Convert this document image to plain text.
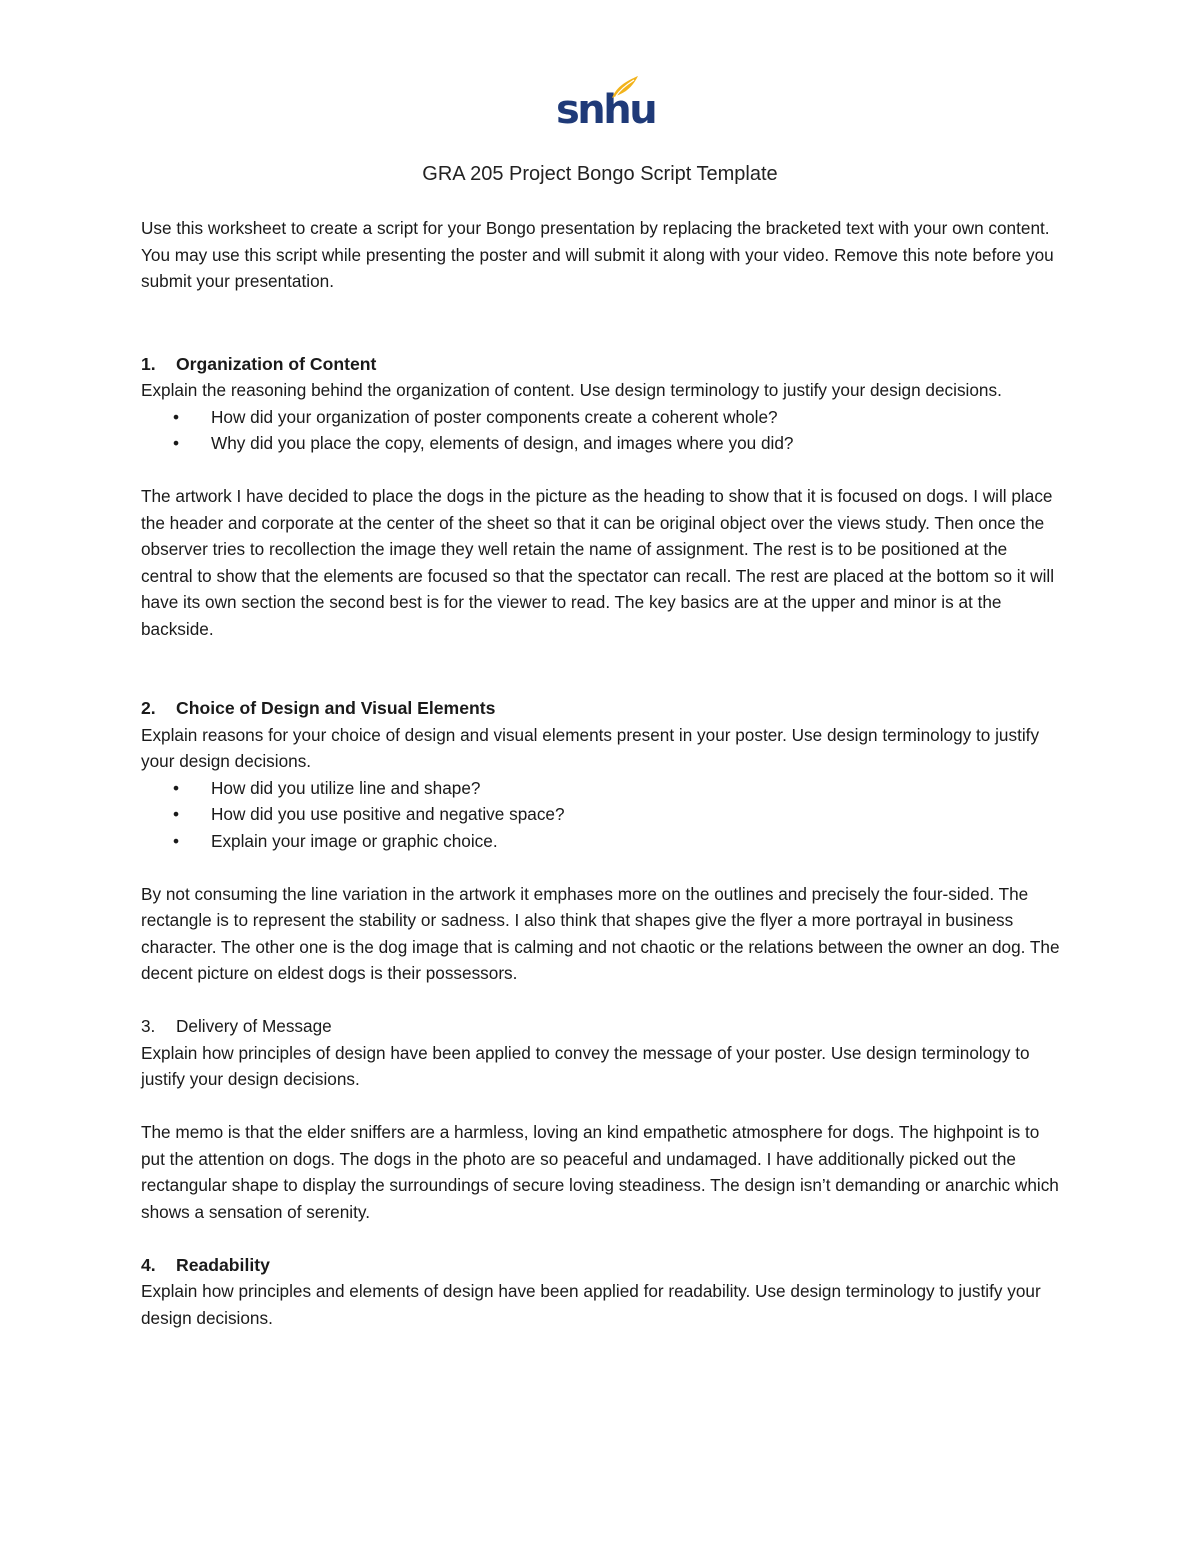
snhu
GRA 205 Project Bongo Script Template

Use this worksheet to create a script for your Bongo presentation by replacing the bracketed text with your own content. You may use this script while presenting the poster and will submit it along with your video. Remove this note before you submit your presentation.

1.	Organization of Content

Explain the reasoning behind the organization of content. Use design terminology to justify your design decisions.

• How did your organization of poster components create a coherent whole?
• Why did you place the copy, elements of design, and images where you did?

The artwork I have decided to place the dogs in the picture as the heading to show that it is focused on dogs. I will place the header and corporate at the center of the sheet so that it can be original object over the views study. Then once the observer tries to recollection the image they well retain the name of assignment. The rest is to be positioned at the central to show that the elements are focused so that the spectator can recall. The rest are placed at the bottom so it will have its own section the second best is for the viewer to read. The key basics are at the upper and minor is at the backside.

2.	Choice of Design and Visual Elements

Explain reasons for your choice of design and visual elements present in your poster. Use design terminology to justify your design decisions.

• How did you utilize line and shape?
• How did you use positive and negative space?
• Explain your image or graphic choice.

By not consuming the line variation in the artwork it emphases more on the outlines and precisely the four-sided. The rectangle is to represent the stability or sadness. I also think that shapes give the flyer a more portrayal in business character. The other one is the dog image that is calming and not chaotic or the relations between the owner an dog. The decent picture on eldest dogs is their possessors.

3.	Delivery of Message

Explain how principles of design have been applied to convey the message of your poster. Use design terminology to justify your design decisions.

The memo is that the elder sniffers are a harmless, loving an kind empathetic atmosphere for dogs. The highpoint is to put the attention on dogs. The dogs in the photo are so peaceful and undamaged. I have additionally picked out the rectangular shape to display the surroundings of secure loving steadiness. The design isn’t demanding or anarchic which shows a sensation of serenity.

4.	Readability

Explain how principles and elements of design have been applied for readability. Use design terminology to justify your design decisions.
